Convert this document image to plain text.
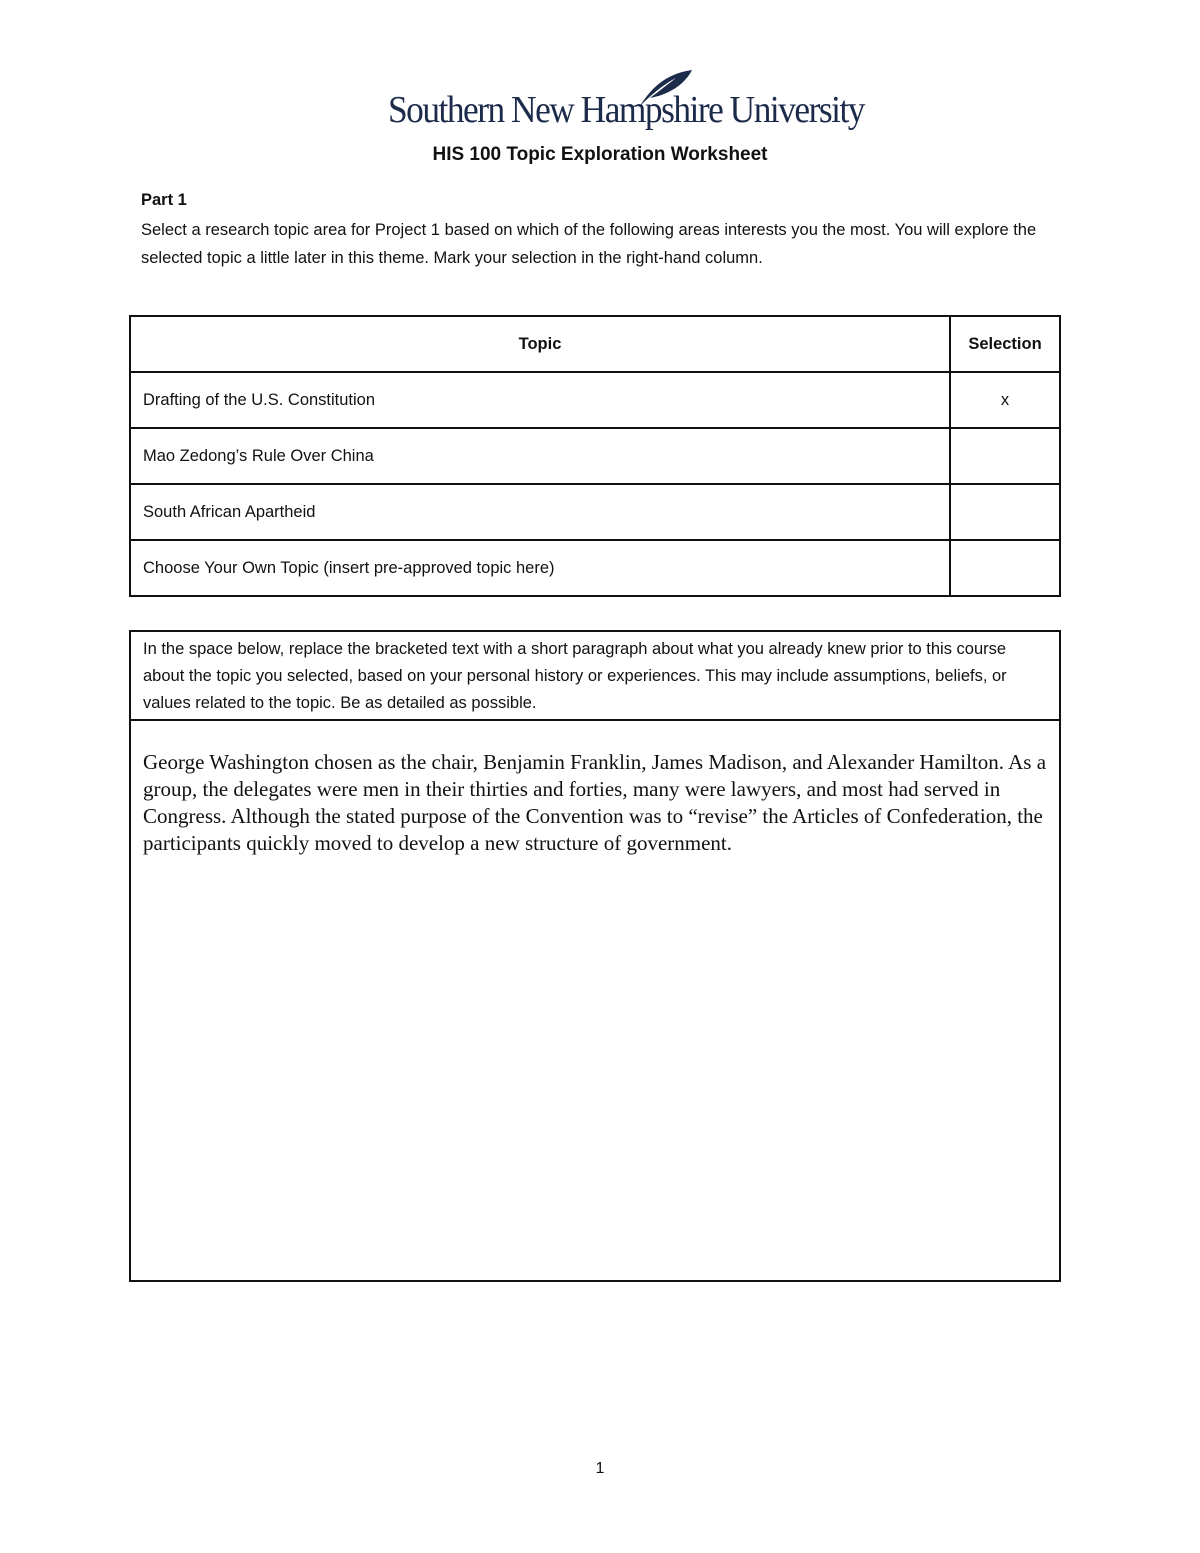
Southern New Hampshire University
HIS 100 Topic Exploration Worksheet
Part 1
Select a research topic area for Project 1 based on which of the following areas interests you the most. You will explore the selected topic a little later in this theme. Mark your selection in the right-hand column.
Topic	Selection
Drafting of the U.S. Constitution	x
Mao Zedong’s Rule Over China	
South African Apartheid	
Choose Your Own Topic (insert pre-approved topic here)	
In the space below, replace the bracketed text with a short paragraph about what you already knew prior to this course about the topic you selected, based on your personal history or experiences. This may include assumptions, beliefs, or values related to the topic. Be as detailed as possible.
George Washington chosen as the chair, Benjamin Franklin, James Madison, and Alexander Hamilton. As a group, the delegates were men in their thirties and forties, many were lawyers, and most had served in Congress. Although the stated purpose of the Convention was to “revise” the Articles of Confederation, the participants quickly moved to develop a new structure of government.
1
